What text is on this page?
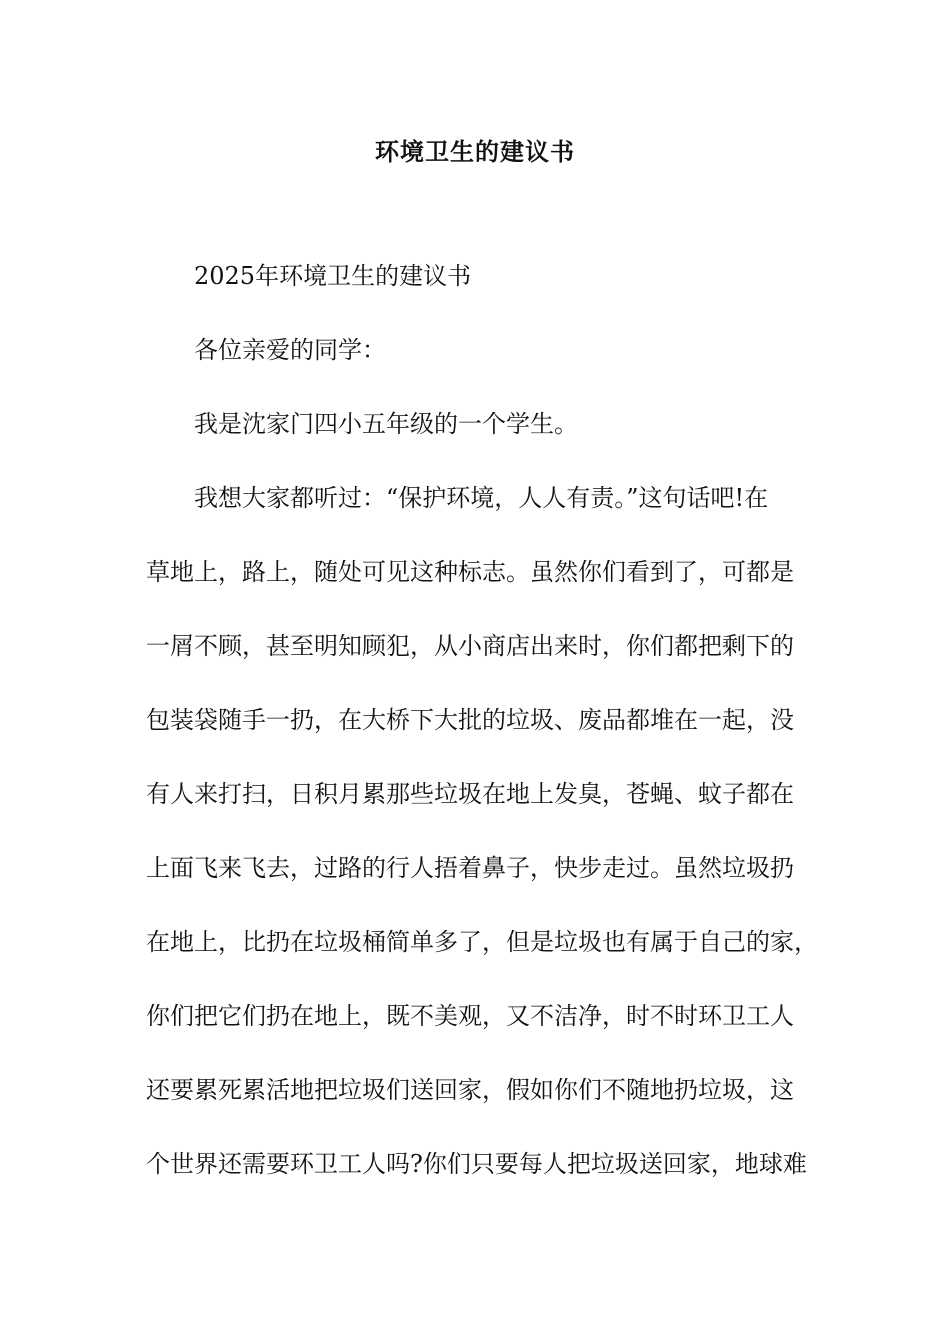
环境卫生的建议书
2025年环境卫生的建议书
各位亲爱的同学：
我是沈家门四小五年级的一个学生。
我想大家都听过：“保护环境，人人有责。”这句话吧!在
草地上，路上，随处可见这种标志。虽然你们看到了，可都是
一屑不顾，甚至明知顾犯，从小商店出来时，你们都把剩下的
包装袋随手一扔，在大桥下大批的垃圾、废品都堆在一起，没
有人来打扫，日积月累那些垃圾在地上发臭，苍蝇、蚊子都在
上面飞来飞去，过路的行人捂着鼻子，快步走过。虽然垃圾扔
在地上，比扔在垃圾桶简单多了，但是垃圾也有属于自己的家，
你们把它们扔在地上，既不美观，又不洁净，时不时环卫工人
还要累死累活地把垃圾们送回家，假如你们不随地扔垃圾，这
个世界还需要环卫工人吗?你们只要每人把垃圾送回家，地球难
